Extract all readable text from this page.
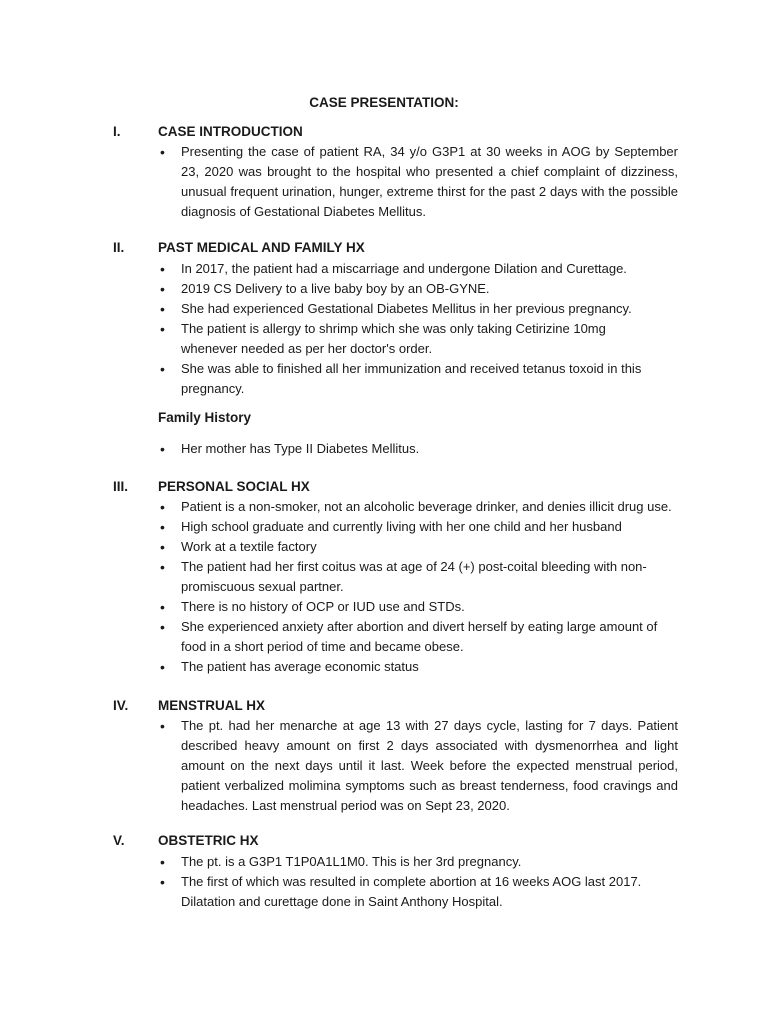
CASE PRESENTATION:
I.	CASE INTRODUCTION
• Presenting the case of patient RA, 34 y/o G3P1 at 30 weeks in AOG by September 23, 2020 was brought to the hospital who presented a chief complaint of dizziness, unusual frequent urination, hunger, extreme thirst for the past 2 days with the possible diagnosis of Gestational Diabetes Mellitus.
II. PAST MEDICAL AND FAMILY HX
• In 2017, the patient had a miscarriage and undergone Dilation and Curettage.
• 2019 CS Delivery to a live baby boy by an OB-GYNE.
• She had experienced Gestational Diabetes Mellitus in her previous pregnancy.
• The patient is allergy to shrimp which she was only taking Cetirizine 10mg whenever needed as per her doctor's order.
• She was able to finished all her immunization and received tetanus toxoid in this pregnancy.
Family History
• Her mother has Type II Diabetes Mellitus.
III. PERSONAL SOCIAL HX
• Patient is a non-smoker, not an alcoholic beverage drinker, and denies illicit drug use.
• High school graduate and currently living with her one child and her husband
• Work at a textile factory
• The patient had her first coitus was at age of 24 (+) post-coital bleeding with non-promiscuous sexual partner.
• There is no history of OCP or IUD use and STDs.
• She experienced anxiety after abortion and divert herself by eating large amount of food in a short period of time and became obese.
• The patient has average economic status
IV. MENSTRUAL HX
• The pt. had her menarche at age 13 with 27 days cycle, lasting for 7 days. Patient described heavy amount on first 2 days associated with dysmenorrhea and light amount on the next days until it last. Week before the expected menstrual period, patient verbalized molimina symptoms such as breast tenderness, food cravings and headaches. Last menstrual period was on Sept 23, 2020.
V. OBSTETRIC HX
• The pt. is a G3P1 T1P0A1L1M0. This is her 3rd pregnancy.
• The first of which was resulted in complete abortion at 16 weeks AOG last 2017. Dilatation and curettage done in Saint Anthony Hospital.
